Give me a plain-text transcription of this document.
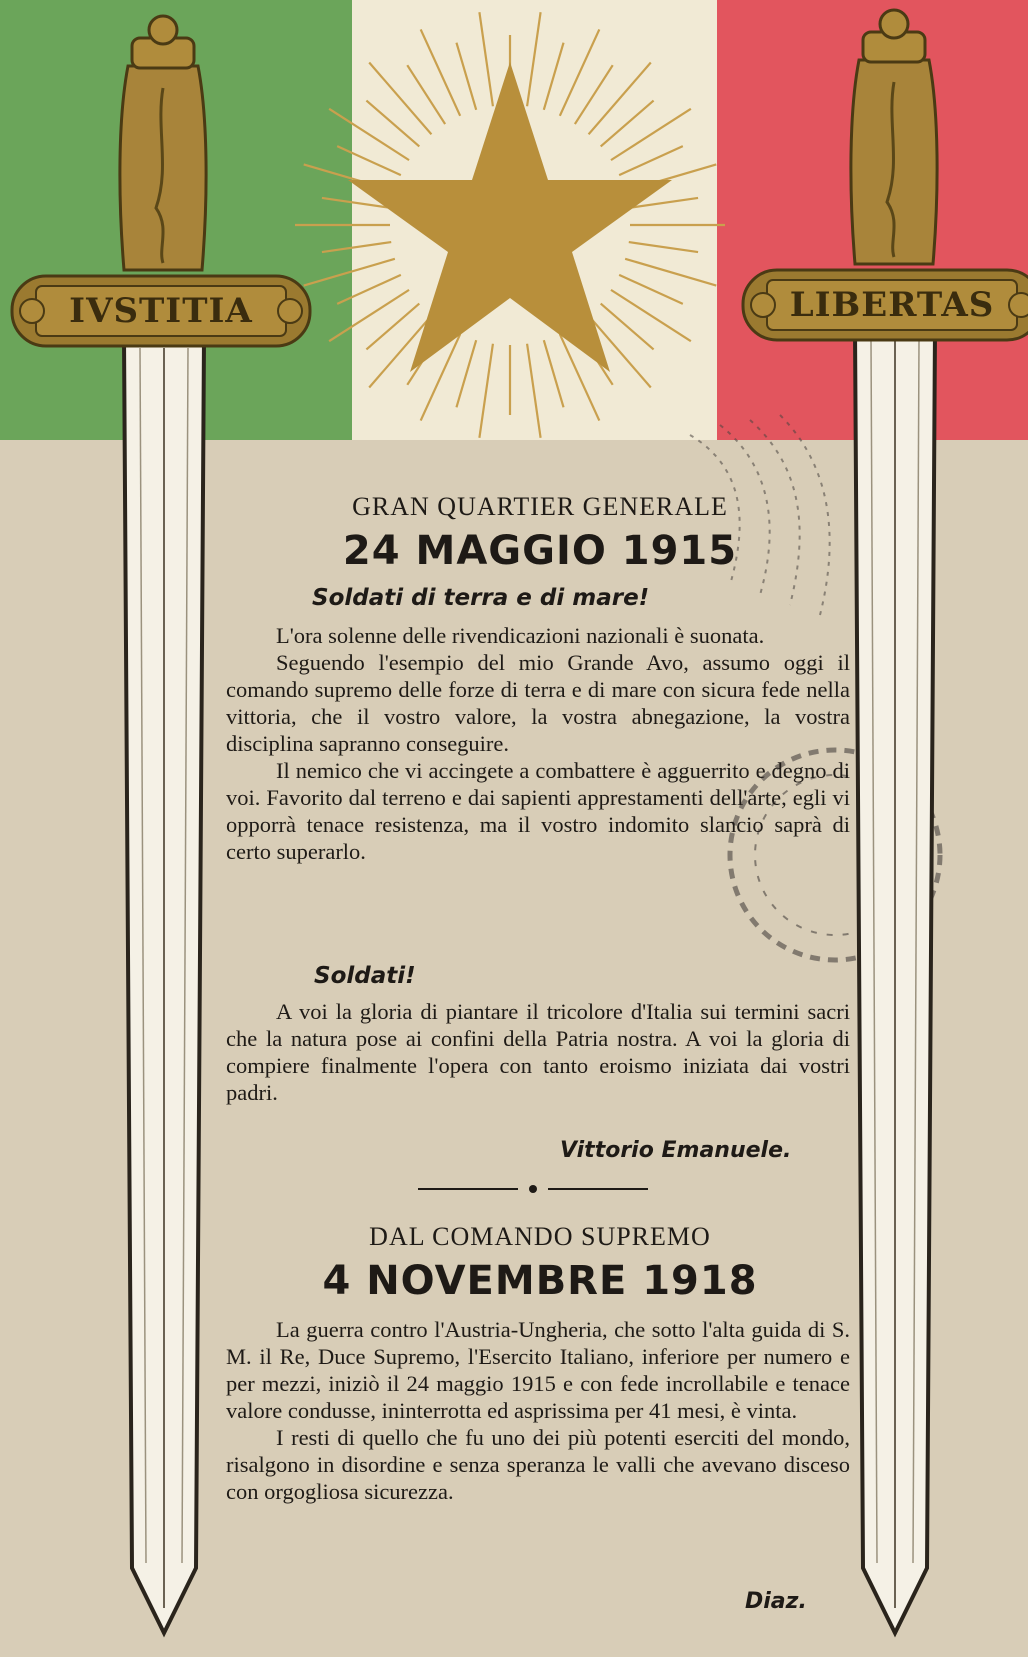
IVSTITIA	LIBERTAS
GRAN QUARTIER GENERALE
24 MAGGIO 1915
Soldati di terra e di mare!

L'ora solenne delle rivendicazioni nazionali è suonata.

Seguendo l'esempio del mio Grande Avo, assumo oggi il comando supremo delle forze di terra e di mare con sicura fede nella vittoria, che il vostro valore, la vostra abnegazione, la vostra disciplina sapranno conseguire.

Il nemico che vi accingete a combattere è agguerrito e degno di voi. Favorito dal terreno e dai sapienti apprestamenti dell'arte, egli vi opporrà tenace resistenza, ma il vostro indomito slancio saprà di certo superarlo.

Soldati!

A voi la gloria di piantare il tricolore d'Italia sui termini sacri che la natura pose ai confini della Patria nostra. A voi la gloria di compiere finalmente l'opera con tanto eroismo iniziata dai vostri padri.

Vittorio Emanuele.
DAL COMANDO SUPREMO
4 NOVEMBRE 1918

La guerra contro l'Austria-Ungheria, che sotto l'alta guida di S. M. il Re, Duce Supremo, l'Esercito Italiano, inferiore per numero e per mezzi, iniziò il 24 maggio 1915 e con fede incrollabile e tenace valore condusse, ininterrotta ed asprissima per 41 mesi, è vinta.

I resti di quello che fu uno dei più potenti eserciti del mondo, risalgono in disordine e senza speranza le valli che avevano disceso con orgogliosa sicurezza.

Diaz.
